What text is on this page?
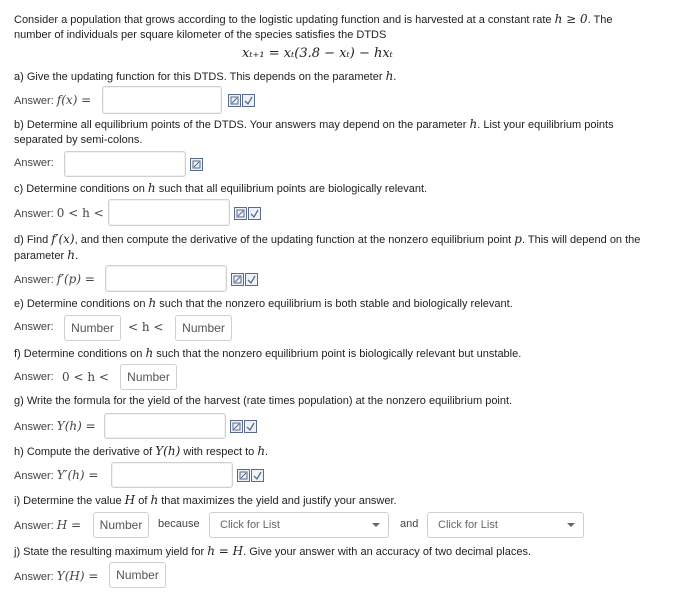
Consider a population that grows according to the logistic updating function and is harvested at a constant rate h ≥ 0. The
number of individuals per square kilometer of the species satisfies the DTDS
xₜ₊₁ = xₜ(3.8 − xₜ) − hxₜ
a) Give the updating function for this DTDS. This depends on the parameter h.
Answer: f(x) =
b) Determine all equilibrium points of the DTDS. Your answers may depend on the parameter h. List your equilibrium points separated by semi-colons.
Answer:
c) Determine conditions on h such that all equilibrium points are biologically relevant.
Answer: 0 < h <
d) Find f′(x), and then compute the derivative of the updating function at the nonzero equilibrium point p. This will depend on the parameter h.
Answer: f′(p) =
e) Determine conditions on h such that the nonzero equilibrium is both stable and biologically relevant.
Answer:	Number	< h <	Number
f) Determine conditions on h such that the nonzero equilibrium point is biologically relevant but unstable.
Answer: 0 < h <	Number
g) Write the formula for the yield of the harvest (rate times population) at the nonzero equilibrium point.
Answer: Y(h) =
h) Compute the derivative of Y(h) with respect to h.
Answer: Y′(h) =
i) Determine the value H of h that maximizes the yield and justify your answer.
Answer: H =	Number	because	Click for List	and	Click for List
j) State the resulting maximum yield for h = H. Give your answer with an accuracy of two decimal places.
Answer: Y(H) =	Number
